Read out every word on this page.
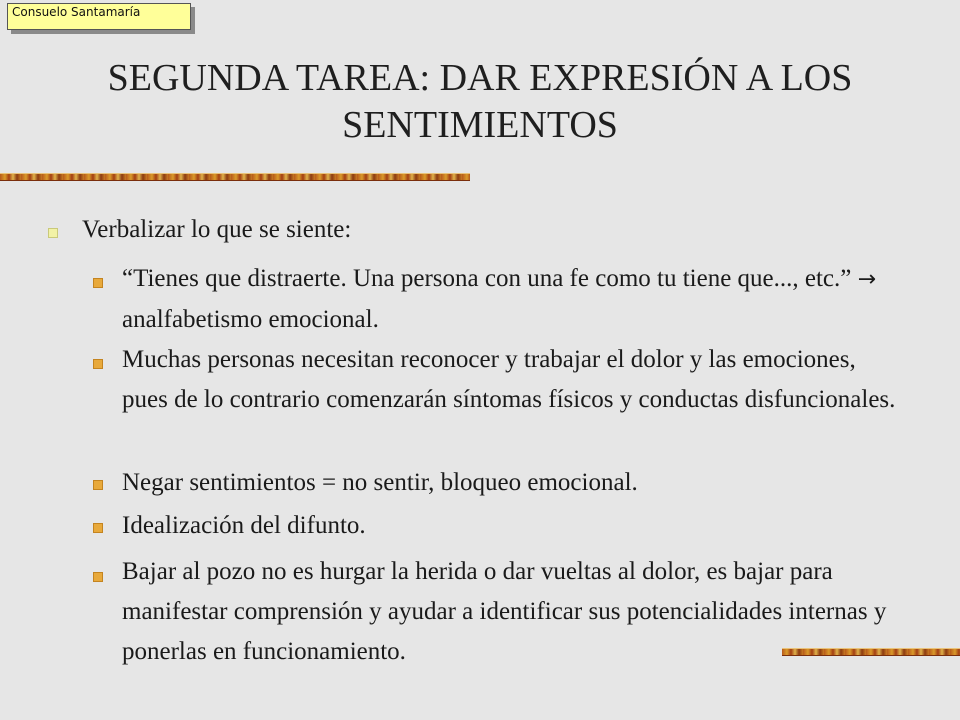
Consuelo Santamaría
SEGUNDA TAREA: DAR EXPRESIÓN A LOS SENTIMIENTOS
Verbalizar lo que se siente:
“Tienes que distraerte. Una persona con una fe como tu tiene que..., etc.” → analfabetismo emocional.
Muchas personas necesitan reconocer y trabajar el dolor y las emociones, pues de lo contrario comenzarán síntomas físicos y conductas disfuncionales.
Negar sentimientos = no sentir, bloqueo emocional.
Idealización del difunto.
Bajar al pozo no es hurgar la herida o dar vueltas al dolor, es bajar para manifestar comprensión y ayudar a identificar sus potencialidades internas y ponerlas en funcionamiento.
